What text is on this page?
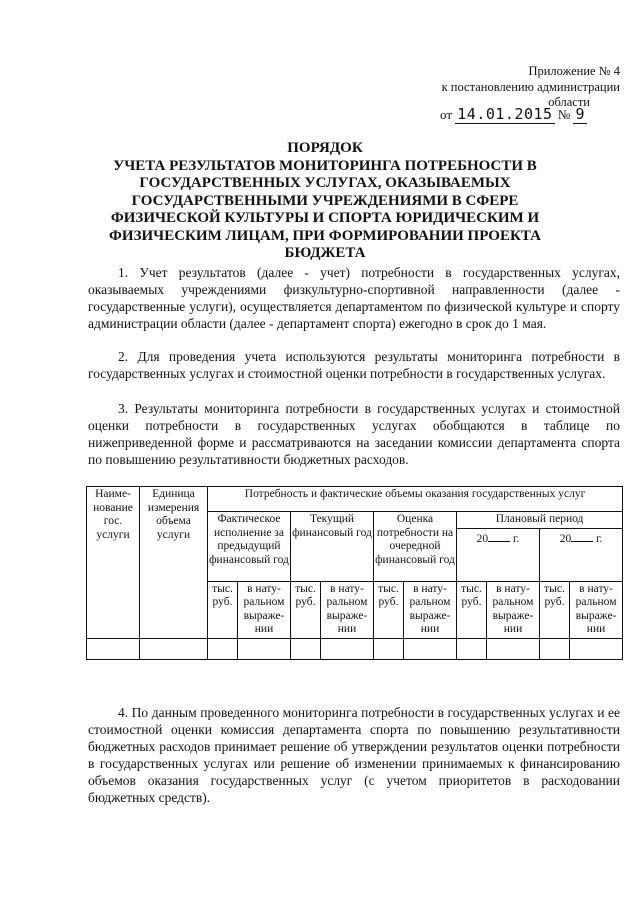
Приложение № 4
к постановлению администрации
области
от 14.01.2015 № 9
ПОРЯДОК
УЧЕТА РЕЗУЛЬТАТОВ МОНИТОРИНГА ПОТРЕБНОСТИ В ГОСУДАРСТВЕННЫХ УСЛУГАХ, ОКАЗЫВАЕМЫХ ГОСУДАРСТВЕННЫМИ УЧРЕЖДЕНИЯМИ В СФЕРЕ ФИЗИЧЕСКОЙ КУЛЬТУРЫ И СПОРТА ЮРИДИЧЕСКИМ И ФИЗИЧЕСКИМ ЛИЦАМ, ПРИ ФОРМИРОВАНИИ ПРОЕКТА БЮДЖЕТА
1. Учет результатов (далее - учет) потребности в государственных услугах, оказываемых учреждениями физкультурно-спортивной направленности (далее - государственные услуги), осуществляется департаментом по физической культуре и спорту администрации области (далее - департамент спорта) ежегодно в срок до 1 мая.
2. Для проведения учета используются результаты мониторинга потребности в государственных услугах и стоимостной оценки потребности в государственных услугах.
3. Результаты мониторинга потребности в государственных услугах и стоимостной оценки потребности в государственных услугах обобщаются в таблице по нижеприведенной форме и рассматриваются на заседании комиссии департамента спорта по повышению результативности бюджетных расходов.
Наиме-нование гос. услуги	Единица измерения объема услуги	Потребность и фактические объемы оказания государственных услуг									
		Фактическое исполнение за предыдущий финансовый год		Текущий финансовый год		Оценка потребности на очередной финансовый год		Плановый период			
								20 г.		20 г.	
		тыс. руб.	в нату-ральном выраже-нии	тыс. руб.	в нату-ральном выраже-нии	тыс. руб.	в нату-ральном выраже-нии	тыс. руб.	в нату-ральном выраже-нии	тыс. руб.	в нату-ральном выраже-нии

4. По данным проведенного мониторинга потребности в государственных услугах и ее стоимостной оценки комиссия департамента спорта по повышению результативности бюджетных расходов принимает решение об утверждении результатов оценки потребности в государственных услугах или решение об изменении принимаемых к финансированию объемов оказания государственных услуг (с учетом приоритетов в расходовании бюджетных средств).
